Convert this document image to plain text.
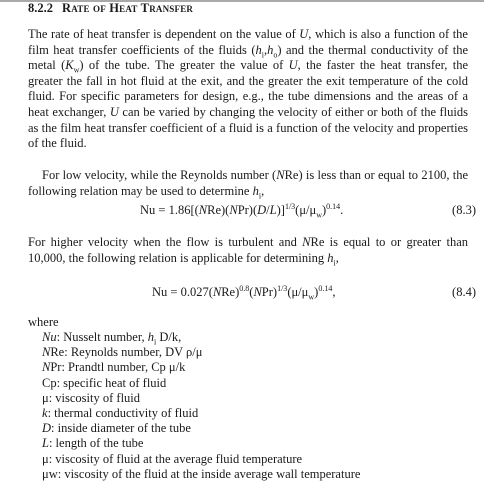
8.2.2 Rate of Heat Transfer

The rate of heat transfer is dependent on the value of U, which is also a function of the film heat transfer coefficients of the fluids $(h_i,h_o)$ and the thermal conductivity of the metal $(K_w)$ of the tube. The greater the value of U, the faster the heat transfer, the greater the fall in hot fluid at the exit, and the greater the exit temperature of the cold fluid. For specific parameters for design, e.g., the tube dimensions and the areas of a heat exchanger, U can be varied by changing the velocity of either or both of the fluids as the film heat transfer coefficient of a fluid is a function of the velocity and properties of the fluid.

For low velocity, while the Reynolds number (NRe) is less than or equal to 2100, the following relation may be used to determine $h_i$,

$Nu = 1.86[(NRe)(NPr)(D/L)]^{1/3}(\mu/\mu_w)^{0.14}$.	(8.3)

For higher velocity when the flow is turbulent and NRe is equal to or greater than 10,000, the following relation is applicable for determining $h_i$,

$Nu = 0.027(NRe)^{0.8}(NPr)^{1/3}(\mu/\mu_w)^{0.14}$,	(8.4)
where
Nu: Nusselt number, $h_i$ D/k,
NRe: Reynolds number, DV ρ/μ
NPr: Prandtl number, Cp μ/k
Cp: specific heat of fluid
μ: viscosity of fluid
k: thermal conductivity of fluid
D: inside diameter of the tube
L: length of the tube
μ: viscosity of fluid at the average fluid temperature
μw: viscosity of the fluid at the inside average wall temperature
